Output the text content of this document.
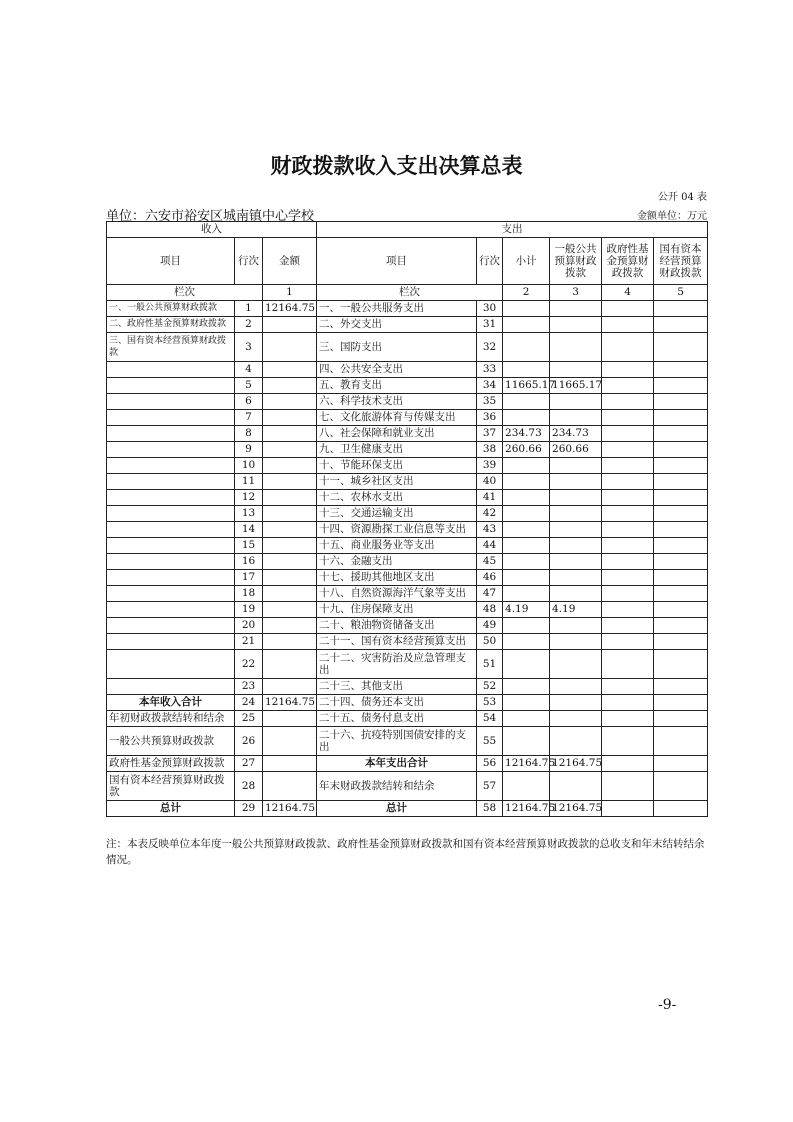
财政拨款收入支出决算总表
公开 04 表
单位：六安市裕安区城南镇中心学校	金额单位：万元
收入			支出					
项目	行次	金额	项目	行次	小计	一般公共预算财政拨款	政府性基金预算财政拨款	国有资本经营预算财政拨款
栏次		1	栏次		2	3	4	5
一、一般公共预算财政拨款	1	12164.75	一、一般公共服务支出	30				
二、政府性基金预算财政拨款	2		二、外交支出	31				
三、国有资本经营预算财政拨款	3		三、国防支出	32				
	4		四、公共安全支出	33				
	5		五、教育支出	34	11665.17	11665.17		
	6		六、科学技术支出	35				
	7		七、文化旅游体育与传媒支出	36				
	8		八、社会保障和就业支出	37	234.73	234.73		
	9		九、卫生健康支出	38	260.66	260.66		
	10		十、节能环保支出	39				
	11		十一、城乡社区支出	40				
	12		十二、农林水支出	41				
	13		十三、交通运输支出	42				
	14		十四、资源勘探工业信息等支出	43				
	15		十五、商业服务业等支出	44				
	16		十六、金融支出	45				
	17		十七、援助其他地区支出	46				
	18		十八、自然资源海洋气象等支出	47				
	19		十九、住房保障支出	48	4.19	4.19		
	20		二十、粮油物资储备支出	49				
	21		二十一、国有资本经营预算支出	50				
	22		二十二、灾害防治及应急管理支出	51				
	23		二十三、其他支出	52				
本年收入合计	24	12164.75	二十四、债务还本支出	53				
年初财政拨款结转和结余	25		二十五、债务付息支出	54				
一般公共预算财政拨款	26		二十六、抗疫特别国债安排的支出	55				
政府性基金预算财政拨款	27		本年支出合计	56	12164.75	12164.75		
国有资本经营预算财政拨款	28		年末财政拨款结转和结余	57				
总计	29	12164.75	总计	58	12164.75	12164.75		
注：本表反映单位本年度一般公共预算财政拨款、政府性基金预算财政拨款和国有资本经营预算财政拨款的总收支和年末结转结余情况。
-9-
